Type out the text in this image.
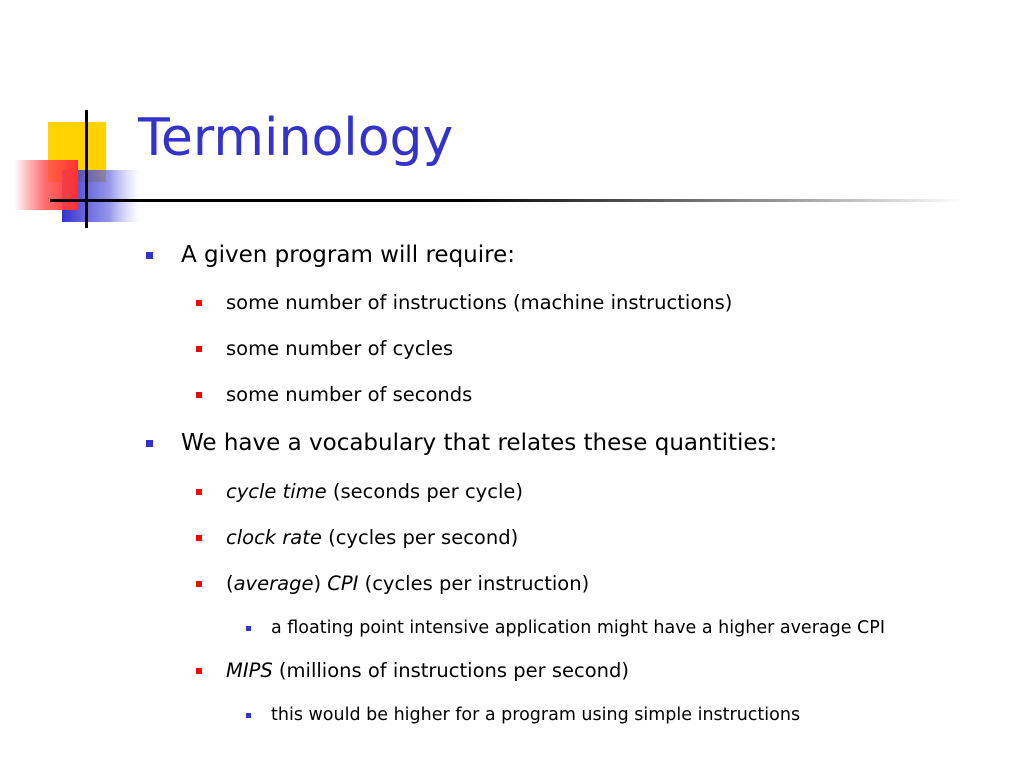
Terminology
A given program will require:
some number of instructions (machine instructions)
some number of cycles
some number of seconds
We have a vocabulary that relates these quantities:
cycle time (seconds per cycle)
clock rate (cycles per second)
(average) CPI (cycles per instruction)
a floating point intensive application might have a higher average CPI
MIPS (millions of instructions per second)
this would be higher for a program using simple instructions
